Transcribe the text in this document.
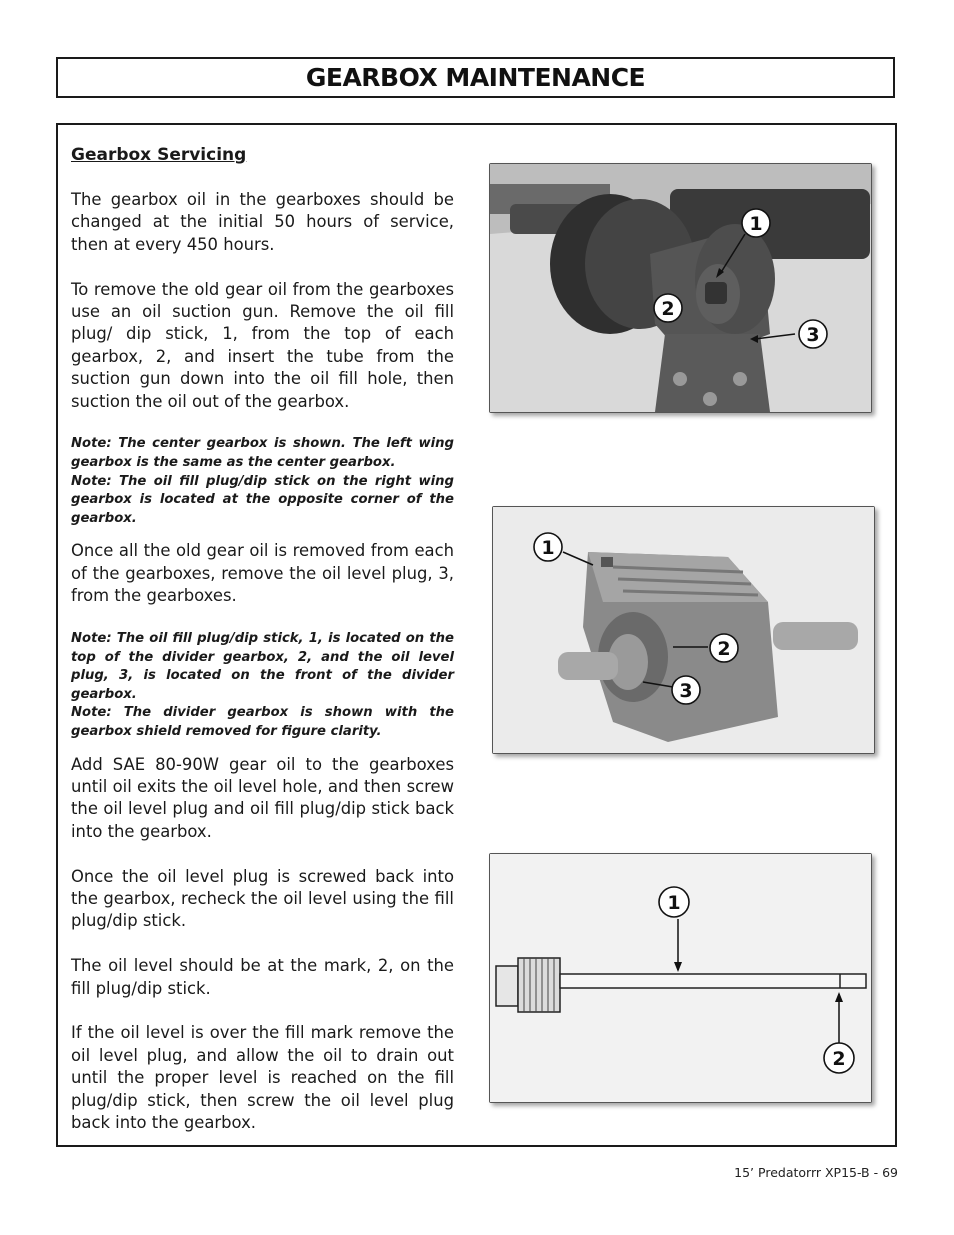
GEARBOX MAINTENANCE
Gearbox Servicing

The gearbox oil in the gearboxes should be changed at the initial 50 hours of service, then at every 450 hours.

To remove the old gear oil from the gearboxes use an oil suction gun. Remove the oil fill plug/ dip stick, 1, from the top of each gearbox, 2, and insert the tube from the suction gun down into the oil fill hole, then suction the oil out of the gearbox.

Note: The center gearbox is shown. The left wing gearbox is the same as the center gearbox.
Note: The oil fill plug/dip stick on the right wing gearbox is located at the opposite corner of the gearbox.

Once all the old gear oil is removed from each of the gearboxes, remove the oil level plug, 3, from the gearboxes.

Note: The oil fill plug/dip stick, 1, is located on the top of the divider gearbox, 2, and the oil level plug, 3, is located on the front of the divider gearbox.
Note: The divider gearbox is shown with the gearbox shield removed for figure clarity.

Add SAE 80-90W gear oil to the gearboxes until oil exits the oil level hole, and then screw the oil level plug and oil fill plug/dip stick back into the gearbox.

Once the oil level plug is screwed back into the gearbox, recheck the oil level using the fill plug/dip stick.

The oil level should be at the mark, 2, on the fill plug/dip stick.

If the oil level is over the fill mark remove the oil level plug, and allow the oil to drain out until the proper level is reached on the fill plug/dip stick, then screw the oil level plug back into the gearbox.

1
2
3
1
2
3
1
2
15’ Predatorrr XP15-B - 69
